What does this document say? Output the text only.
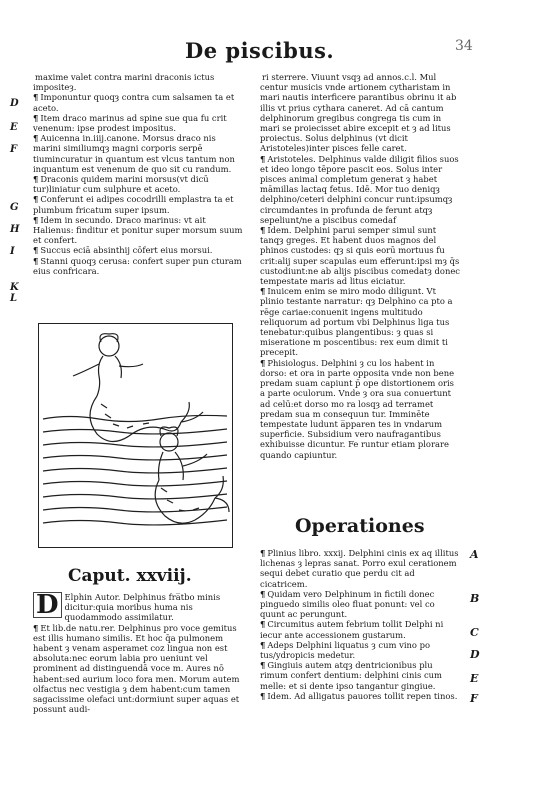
De piscibus.	34
D
E
F
G
H
I
K
L

maxime valet contra marini draconis ictus impositeȝ.

¶ Imponuntur quoqȝ contra cum salsamen ta et aceto.

¶ Item draco marinus ad spine sue qua fu crit venenum: ipse prodest impositus.

¶ Auicenna in.iiij.canone. Morsus draco nis marini similiumqȝ magni corporis serpē tiumincuratur in quantum est vlcus tantum non inquantum est venenum de quo sit cu randum.

¶ Draconis quidem marini morsus(vt dicū tur)liniatur cum sulphure et aceto.

¶ Conferunt ei adipes cocodrilli emplastra ta et plumbum fricatum super ipsum.

¶ Idem in secundo. Draco marinus: vt ait Halienus: finditur et ponitur super morsum suum et confert.

¶ Succus eciā absinthij cōfert eius morsui.

¶ Stanni quoqȝ cerusa: confert super pun cturam eius confricara.

Caput. xxviij.

D Elphin Autor. Delphinus fra̅tbo minis dicitur:quia moribus huma nis quodammodo assimilatur.

¶ Et lib.de natu.rer. Delphinus pro voce gemitus est illis humano similis. Et hoc q̄a pulmonem habent ȝ venam asperamet coz lingua non est absoluta:nec eorum labia pro ueniunt vel prominent ad distinguendā voce m. Aures nō habent:sed aurium loco fora men. Morum autem olfactus nec vestigia ȝ dem habent:cum tamen sagacissime olefaci unt:dormiunt super aquas et possunt audi-

ri sterrere. Viuunt vsqȝ ad annos.c.l. Mul centur musicis vnde artionem cytharistam in mari nautis interficere parantibus obrinu it ab illis vt prius cythara caneret. Ad cā cantum delphinorum gregibus congrega tis cum in mari se proiecisset abire excepit et ȝ ad litus proiectus. Solus delphinus (vt dicit Aristoteles)inter pisces felle caret.

¶ Aristoteles. Delphinus valde diligit filios suos et ideo longo tēpore pascit eos. Solus inter pisces animal completum generat ȝ habet māmillas lactaq fetus. Idē. Mor tuo deniqȝ delphino/ceteri delphini concur runt:ipsumqȝ circumdantes in profunda de ferunt atqȝ sepeliunt/ne a piscibus comedaf

¶ Idem. Delphini parui semper simul sunt tanqȝ greges. Et habent duos magnos del phinos custodes: qȝ si quis eorū mortuus fu crit:alij super scapulas eum efferunt:ipsi mȝ q̄s custodiunt:ne ab alijs piscibus comedatȝ donec tempestate maris ad litus eiciatur.

¶ Inuicem enim se miro modo diligunt. Vt plinio testante narratur: qȝ Delphino ca pto a rēge cariae:conuenit ingens multitudo reliquorum ad portum vbi Delphinus liga tus tenebatur:quibus plangentibus: ȝ quas si miseratione m poscentibus: rex eum dimit ti precepit.

¶ Phisiologus. Delphini ȝ cu los habent in dorso: et ora in parte opposita vnde non bene predam suam capiunt p̄ ope distortionem oris a parte oculorum. Vnde ȝ ora sua conuertunt ad celū:et dorso mo ra losqȝ ad terramet predam sua m consequun tur. Imminēte tempestate ludunt a̅pparen tes in vndarum superficie. Subsidium vero naufragantibus exhibuisse dicuntur. Fe runtur etiam plorare quando capiuntur.

Operationes

¶ Plinius libro. xxxij. Delphini cinis ex aq illitus lichenas ȝ lepras sanat. Porro exul cerationem sequi debet curatio que perdu cit ad cicatricem.

¶ Quidam vero Delphinum in fictili donec pinguedo similis oleo fluat ponunt: vel co quunt ac perungunt.

¶ Circumitus autem febrium tollit Delphi ni iecur ante accessionem gustarum.

¶ Adeps Delphini liquatus ȝ cum vino po tus/ydropicis medetur.

¶ Gingiuis autem atqȝ dentricionibus plu rimum confert dentium: delphini cinis cum melle: et si dente ipso tangantur gingiue.

¶ Idem. Ad alligatus pauores tollit repen tinos.

A
B
C
D
E
F
